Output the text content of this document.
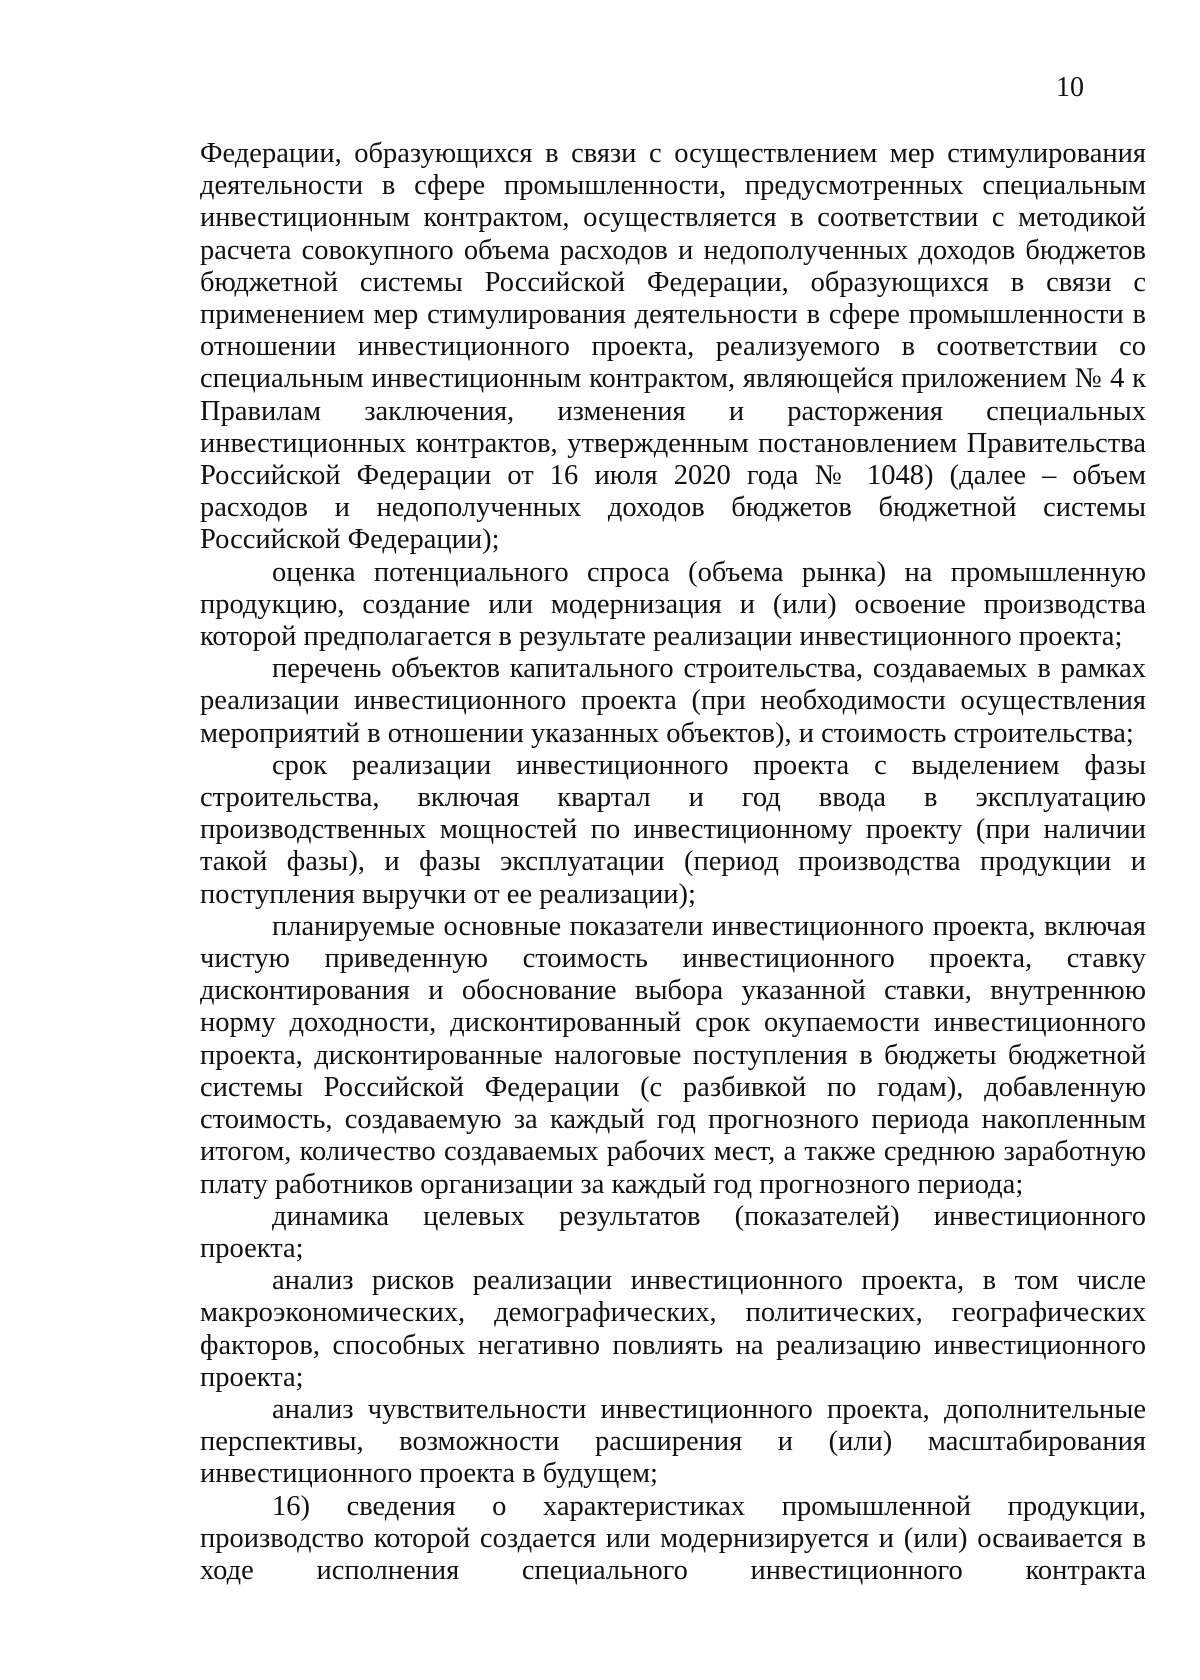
10

Федерации, образующихся в связи с осуществлением мер стимулирования деятельности в сфере промышленности, предусмотренных специальным инвестиционным контрактом, осуществляется в соответствии с методикой расчета совокупного объема расходов и недополученных доходов бюджетов бюджетной системы Российской Федерации, образующихся в связи с применением мер стимулирования деятельности в сфере промышленности в отношении инвестиционного проекта, реализуемого в соответствии со специальным инвестиционным контрактом, являющейся приложением № 4 к Правилам заключения, изменения и расторжения специальных инвестиционных контрактов, утвержденным постановлением Правительства Российской Федерации от 16 июля 2020 года № 1048) (далее – объем расходов и недополученных доходов бюджетов бюджетной системы Российской Федерации);

оценка потенциального спроса (объема рынка) на промышленную продукцию, создание или модернизация и (или) освоение производства которой предполагается в результате реализации инвестиционного проекта;

перечень объектов капитального строительства, создаваемых в рамках реализации инвестиционного проекта (при необходимости осуществления мероприятий в отношении указанных объектов), и стоимость строительства;

срок реализации инвестиционного проекта с выделением фазы строительства, включая квартал и год ввода в эксплуатацию производственных мощностей по инвестиционному проекту (при наличии такой фазы), и фазы эксплуатации (период производства продукции и поступления выручки от ее реализации);

планируемые основные показатели инвестиционного проекта, включая чистую приведенную стоимость инвестиционного проекта, ставку дисконтирования и обоснование выбора указанной ставки, внутреннюю норму доходности, дисконтированный срок окупаемости инвестиционного проекта, дисконтированные налоговые поступления в бюджеты бюджетной системы Российской Федерации (с разбивкой по годам), добавленную стоимость, создаваемую за каждый год прогнозного периода накопленным итогом, количество создаваемых рабочих мест, а также среднюю заработную плату работников организации за каждый год прогнозного периода;

динамика целевых результатов (показателей) инвестиционного проекта;

анализ рисков реализации инвестиционного проекта, в том числе макроэкономических, демографических, политических, географических факторов, способных негативно повлиять на реализацию инвестиционного проекта;

анализ чувствительности инвестиционного проекта, дополнительные перспективы, возможности расширения и (или) масштабирования инвестиционного проекта в будущем;

16) сведения о характеристиках промышленной продукции, производство которой создается или модернизируется и (или) осваивается в ходе исполнения специального инвестиционного контракта
